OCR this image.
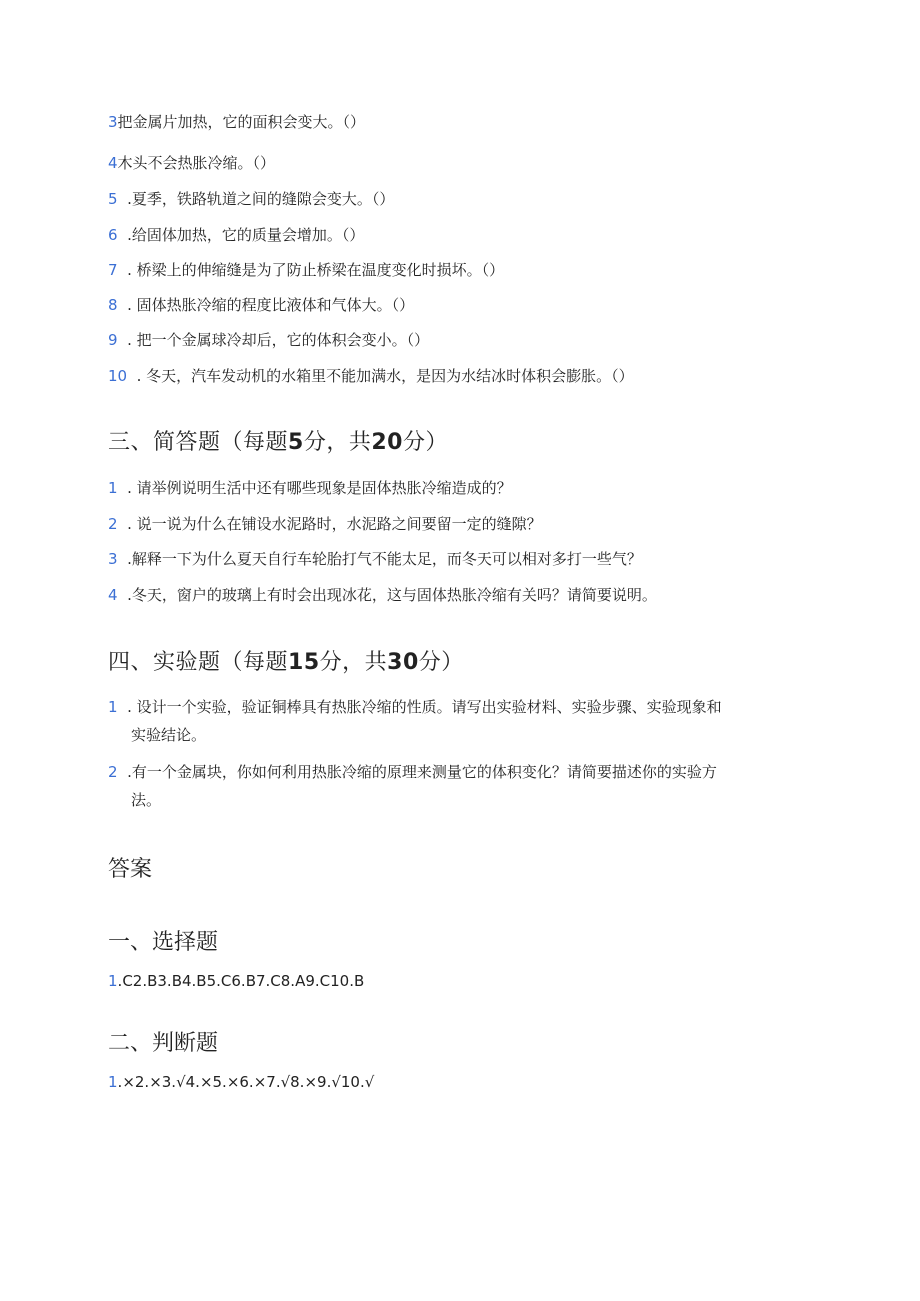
3把金属片加热，它的面积会变大。（）
4木头不会热胀冷缩。（）
5  .夏季，铁路轨道之间的缝隙会变大。（）
6  .给固体加热，它的质量会增加。（）
7  . 桥梁上的伸缩缝是为了防止桥梁在温度变化时损坏。（）
8  . 固体热胀冷缩的程度比液体和气体大。（）
9  . 把一个金属球冷却后，它的体积会变小。（）
10  . 冬天，汽车发动机的水箱里不能加满水，是因为水结冰时体积会膨胀。（）
三、简答题（每题5分，共20分）
1  . 请举例说明生活中还有哪些现象是固体热胀冷缩造成的？
2  . 说一说为什么在铺设水泥路时，水泥路之间要留一定的缝隙？
3  .解释一下为什么夏天自行车轮胎打气不能太足，而冬天可以相对多打一些气？
4  .冬天，窗户的玻璃上有时会出现冰花，这与固体热胀冷缩有关吗？请简要说明。
四、实验题（每题15分，共30分）
1  . 设计一个实验，验证铜棒具有热胀冷缩的性质。请写出实验材料、实验步骤、实验现象和
实验结论。
2  .有一个金属块，你如何利用热胀冷缩的原理来测量它的体积变化？请简要描述你的实验方
法。
答案
一、选择题
1.C2.B3.B4.B5.C6.B7.C8.A9.C10.B
二、判断题
1.×2.×3.√4.×5.×6.×7.√8.×9.√10.√
